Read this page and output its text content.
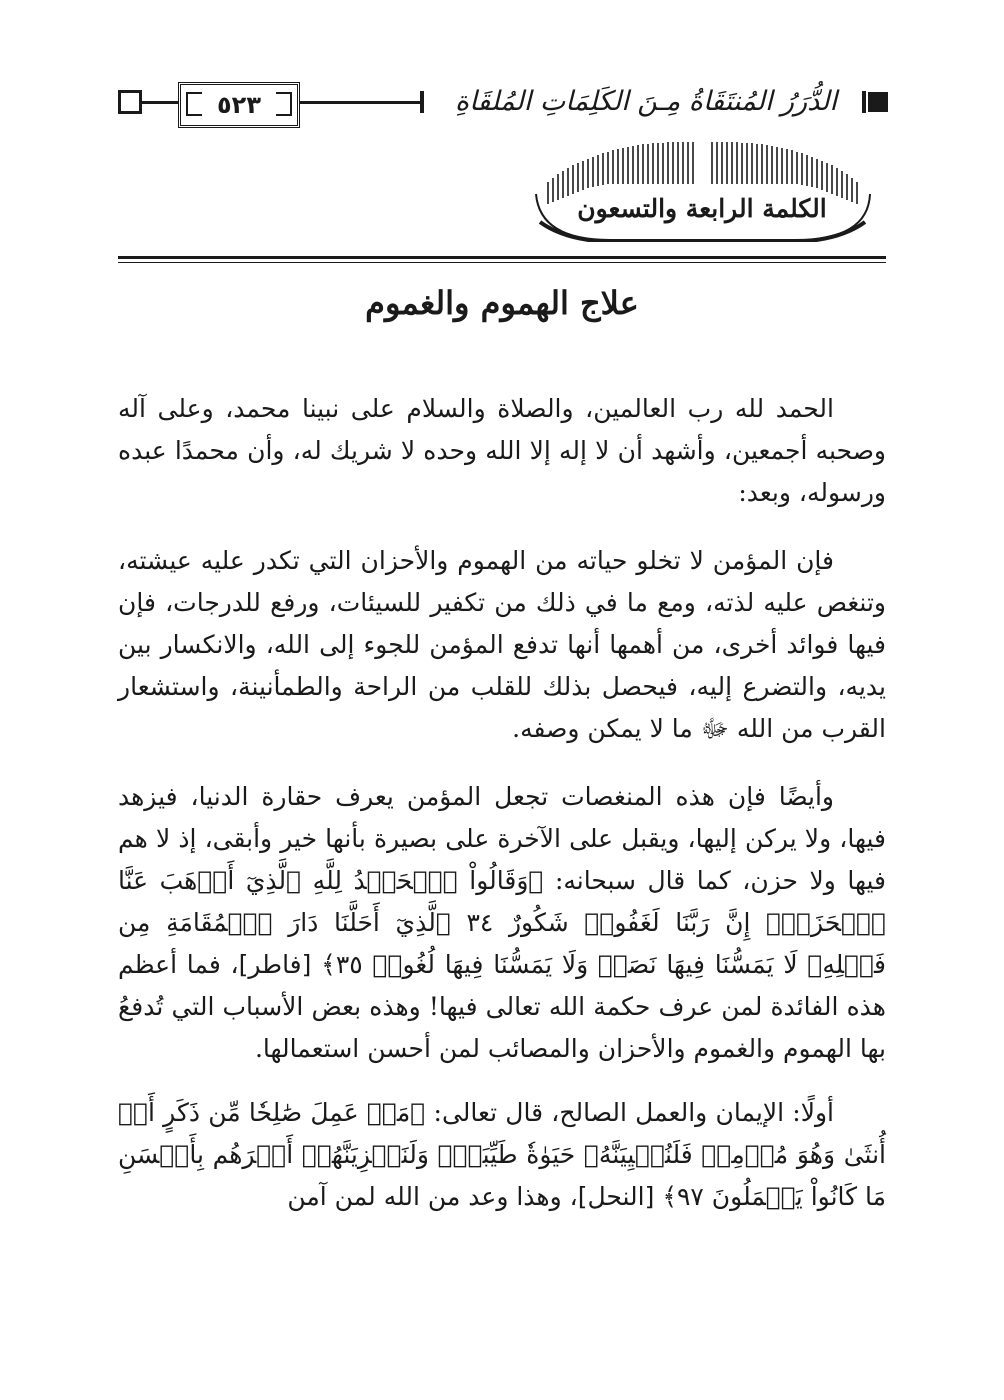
٥٢٣	الدُّرَرُ المُنتَقَاةُ مِـنَ الكَلِمَاتِ المُلقَاةِ
الكلمة الرابعة والتسعون
علاج الهموم والغموم

الحمد لله رب العالمين، والصلاة والسلام على نبينا محمد، وعلى آله وصحبه أجمعين، وأشهد أن لا إله إلا الله وحده لا شريك له، وأن محمدًا عبده ورسوله، وبعد:

فإن المؤمن لا تخلو حياته من الهموم والأحزان التي تكدر عليه عيشته، وتنغص عليه لذته، ومع ما في ذلك من تكفير للسيئات، ورفع للدرجات، فإن فيها فوائد أخرى، من أهمها أنها تدفع المؤمن للجوء إلى الله، والانكسار بين يديه، والتضرع إليه، فيحصل بذلك للقلب من الراحة والطمأنينة، واستشعار القرب من الله ﷻ ما لا يمكن وصفه.

وأيضًا فإن هذه المنغصات تجعل المؤمن يعرف حقارة الدنيا، فيزهد فيها، ولا يركن إليها، ويقبل على الآخرة على بصيرة بأنها خير وأبقى، إذ لا هم فيها ولا حزن، كما قال سبحانه: ﴿وَقَالُواْ ٱلۡحَمۡدُ لِلَّهِ ٱلَّذِيٓ أَذۡهَبَ عَنَّا ٱلۡحَزَنَۖ إِنَّ رَبَّنَا لَغَفُورٞ شَكُورٌ ٣٤ ٱلَّذِيٓ أَحَلَّنَا دَارَ ٱلۡمُقَامَةِ مِن فَضۡلِهِۦ لَا يَمَسُّنَا فِيهَا نَصَبٞ وَلَا يَمَسُّنَا فِيهَا لُغُوبٞ ٣٥﴾ [فاطر]، فما أعظم هذه الفائدة لمن عرف حكمة الله تعالى فيها! وهذه بعض الأسباب التي تُدفعُ بها الهموم والغموم والأحزان والمصائب لمن أحسن استعمالها.

أولًا: الإيمان والعمل الصالح، قال تعالى: ﴿مَنۡ عَمِلَ صَٰلِحٗا مِّن ذَكَرٍ أَوۡ أُنثَىٰ وَهُوَ مُؤۡمِنٞ فَلَنُحۡيِيَنَّهُۥ حَيَوٰةٗ طَيِّبَةٗۖ وَلَنَجۡزِيَنَّهُمۡ أَجۡرَهُم بِأَحۡسَنِ مَا كَانُواْ يَعۡمَلُونَ ٩٧﴾ [النحل]، وهذا وعد من الله لمن آمن
